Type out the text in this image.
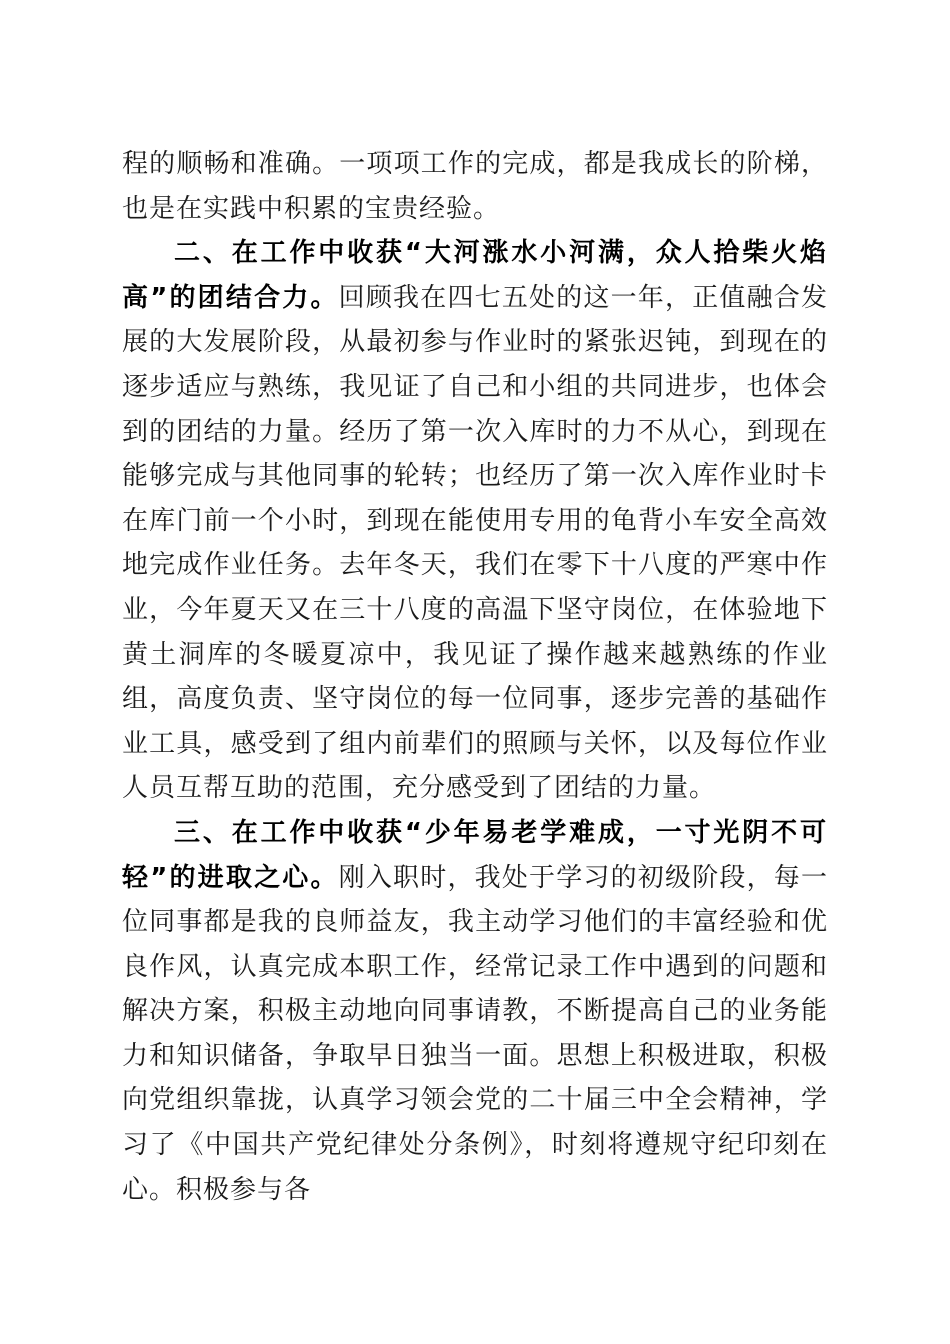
程的顺畅和准确。一项项工作的完成，都是我成长的阶梯，也是在实践中积累的宝贵经验。

二、在工作中收获“大河涨水小河满，众人拾柴火焰高”的团结合力。回顾我在四七五处的这一年，正值融合发展的大发展阶段，从最初参与作业时的紧张迟钝，到现在的逐步适应与熟练，我见证了自己和小组的共同进步，也体会到的团结的力量。经历了第一次入库时的力不从心，到现在能够完成与其他同事的轮转；也经历了第一次入库作业时卡在库门前一个小时，到现在能使用专用的龟背小车安全高效地完成作业任务。去年冬天，我们在零下十八度的严寒中作业，今年夏天又在三十八度的高温下坚守岗位，在体验地下黄土洞库的冬暖夏凉中，我见证了操作越来越熟练的作业组，高度负责、坚守岗位的每一位同事，逐步完善的基础作业工具，感受到了组内前辈们的照顾与关怀，以及每位作业人员互帮互助的范围，充分感受到了团结的力量。

三、在工作中收获“少年易老学难成，一寸光阴不可轻”的进取之心。刚入职时，我处于学习的初级阶段，每一位同事都是我的良师益友，我主动学习他们的丰富经验和优良作风，认真完成本职工作，经常记录工作中遇到的问题和解决方案，积极主动地向同事请教，不断提高自己的业务能力和知识储备，争取早日独当一面。思想上积极进取，积极向党组织靠拢，认真学习领会党的二十届三中全会精神，学习了《中国共产党纪律处分条例》，时刻将遵规守纪印刻在心。积极参与各
